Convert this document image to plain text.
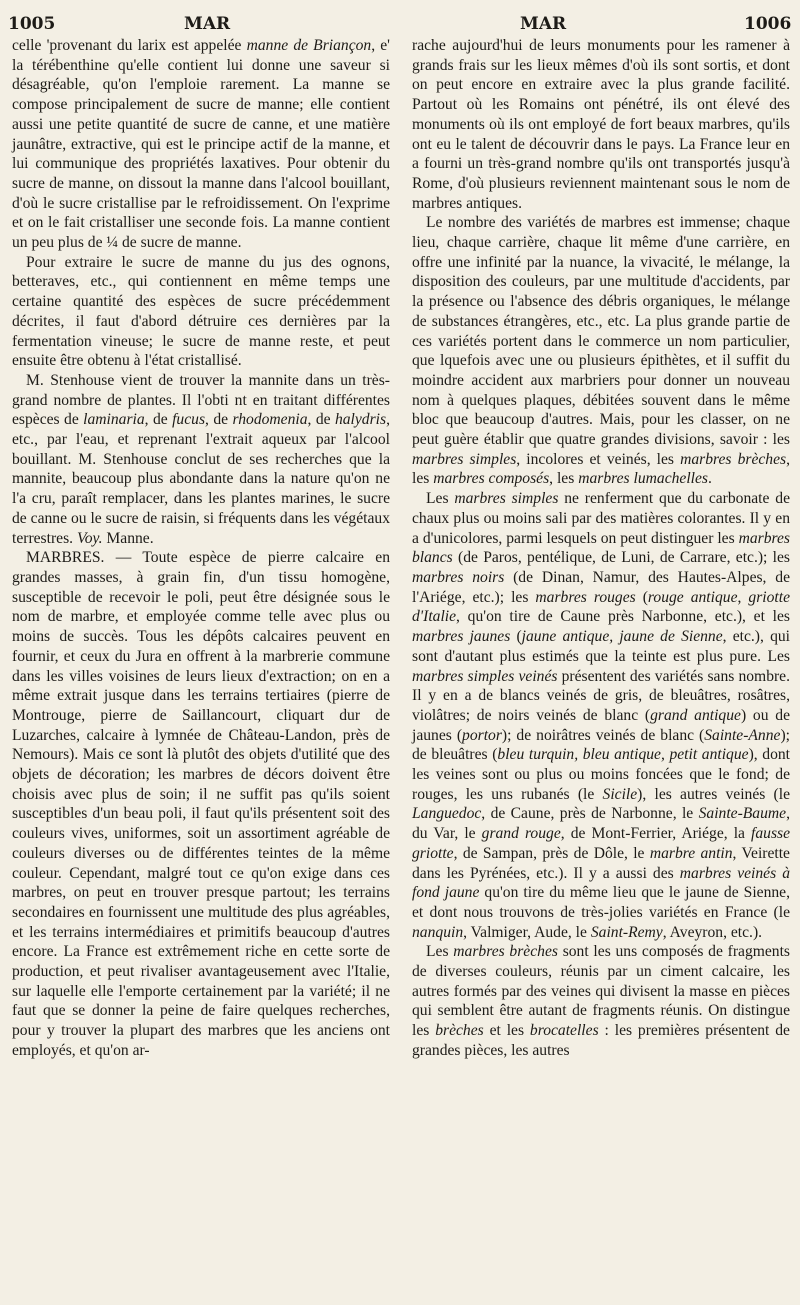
1005	MAR	MAR	1006

celle 'provenant du larix est appelée manne de Briançon, e' la térébenthine qu'elle contient lui donne une saveur si désagréable, qu'on l'emploie rarement. La manne se compose principalement de sucre de manne; elle contient aussi une petite quantité de sucre de canne, et une matière jaunâtre, extractive, qui est le principe actif de la manne, et lui communique des propriétés laxatives. Pour obtenir du sucre de manne, on dissout la manne dans l'alcool bouillant, d'où le sucre cristallise par le refroidissement. On l'exprime et on le fait cristalliser une seconde fois. La manne contient un peu plus de ¼ de sucre de manne.

Pour extraire le sucre de manne du jus des ognons, betteraves, etc., qui contiennent en même temps une certaine quantité des espèces de sucre précédemment décrites, il faut d'abord détruire ces dernières par la fermentation vineuse; le sucre de manne reste, et peut ensuite être obtenu à l'état cristallisé.

M. Stenhouse vient de trouver la mannite dans un très-grand nombre de plantes. Il l'obti nt en traitant différentes espèces de laminaria, de fucus, de rhodomenia, de halydris, etc., par l'eau, et reprenant l'extrait aqueux par l'alcool bouillant. M. Stenhouse conclut de ses recherches que la mannite, beaucoup plus abondante dans la nature qu'on ne l'a cru, paraît remplacer, dans les plantes marines, le sucre de canne ou le sucre de raisin, si fréquents dans les végétaux terrestres. Voy. Manne.

MARBRES. — Toute espèce de pierre calcaire en grandes masses, à grain fin, d'un tissu homogène, susceptible de recevoir le poli, peut être désignée sous le nom de marbre, et employée comme telle avec plus ou moins de succès. Tous les dépôts calcaires peuvent en fournir, et ceux du Jura en offrent à la marbrerie commune dans les villes voisines de leurs lieux d'extraction; on en a même extrait jusque dans les terrains tertiaires (pierre de Montrouge, pierre de Saillancourt, cliquart dur de Luzarches, calcaire à lymnée de Château-Landon, près de Nemours). Mais ce sont là plutôt des objets d'utilité que des objets de décoration; les marbres de décors doivent être choisis avec plus de soin; il ne suffit pas qu'ils soient susceptibles d'un beau poli, il faut qu'ils présentent soit des couleurs vives, uniformes, soit un assortiment agréable de couleurs diverses ou de différentes teintes de la même couleur. Cependant, malgré tout ce qu'on exige dans ces marbres, on peut en trouver presque partout; les terrains secondaires en fournissent une multitude des plus agréables, et les terrains intermédiaires et primitifs beaucoup d'autres encore. La France est extrêmement riche en cette sorte de production, et peut rivaliser avantageusement avec l'Italie, sur laquelle elle l'emporte certainement par la variété; il ne faut que se donner la peine de faire quelques recherches, pour y trouver la plupart des marbres que les anciens ont employés, et qu'on ar-

rache aujourd'hui de leurs monuments pour les ramener à grands frais sur les lieux mêmes d'où ils sont sortis, et dont on peut encore en extraire avec la plus grande facilité. Partout où les Romains ont pénétré, ils ont élevé des monuments où ils ont employé de fort beaux marbres, qu'ils ont eu le talent de découvrir dans le pays. La France leur en a fourni un très-grand nombre qu'ils ont transportés jusqu'à Rome, d'où plusieurs reviennent maintenant sous le nom de marbres antiques.

Le nombre des variétés de marbres est immense; chaque lieu, chaque carrière, chaque lit même d'une carrière, en offre une infinité par la nuance, la vivacité, le mélange, la disposition des couleurs, par une multitude d'accidents, par la présence ou l'absence des débris organiques, le mélange de substances étrangères, etc., etc. La plus grande partie de ces variétés portent dans le commerce un nom particulier, que lquefois avec une ou plusieurs épithètes, et il suffit du moindre accident aux marbriers pour donner un nouveau nom à quelques plaques, débitées souvent dans le même bloc que beaucoup d'autres. Mais, pour les classer, on ne peut guère établir que quatre grandes divisions, savoir : les marbres simples, incolores et veinés, les marbres brèches, les marbres composés, les marbres lumachelles.

Les marbres simples ne renferment que du carbonate de chaux plus ou moins sali par des matières colorantes. Il y en a d'unicolores, parmi lesquels on peut distinguer les marbres blancs (de Paros, pentélique, de Luni, de Carrare, etc.); les marbres noirs (de Dinan, Namur, des Hautes-Alpes, de l'Ariége, etc.); les marbres rouges (rouge antique, griotte d'Italie, qu'on tire de Caune près Narbonne, etc.), et les marbres jaunes (jaune antique, jaune de Sienne, etc.), qui sont d'autant plus estimés que la teinte est plus pure. Les marbres simples veinés présentent des variétés sans nombre. Il y en a de blancs veinés de gris, de bleuâtres, rosâtres, violâtres; de noirs veinés de blanc (grand antique) ou de jaunes (portor); de noirâtres veinés de blanc (Sainte-Anne); de bleuâtres (bleu turquin, bleu antique, petit antique), dont les veines sont ou plus ou moins foncées que le fond; de rouges, les uns rubanés (le Sicile), les autres veinés (le Languedoc, de Caune, près de Narbonne, le Sainte-Baume, du Var, le grand rouge, de Mont-Ferrier, Ariége, la fausse griotte, de Sampan, près de Dôle, le marbre antin, Veirette dans les Pyrénées, etc.). Il y a aussi des marbres veinés à fond jaune qu'on tire du même lieu que le jaune de Sienne, et dont nous trouvons de très-jolies variétés en France (le nanquin, Valmiger, Aude, le Saint-Remy, Aveyron, etc.).

Les marbres brèches sont les uns composés de fragments de diverses couleurs, réunis par un ciment calcaire, les autres formés par des veines qui divisent la masse en pièces qui semblent être autant de fragments réunis. On distingue les brèches et les brocatelles : les premières présentent de grandes pièces, les autres
